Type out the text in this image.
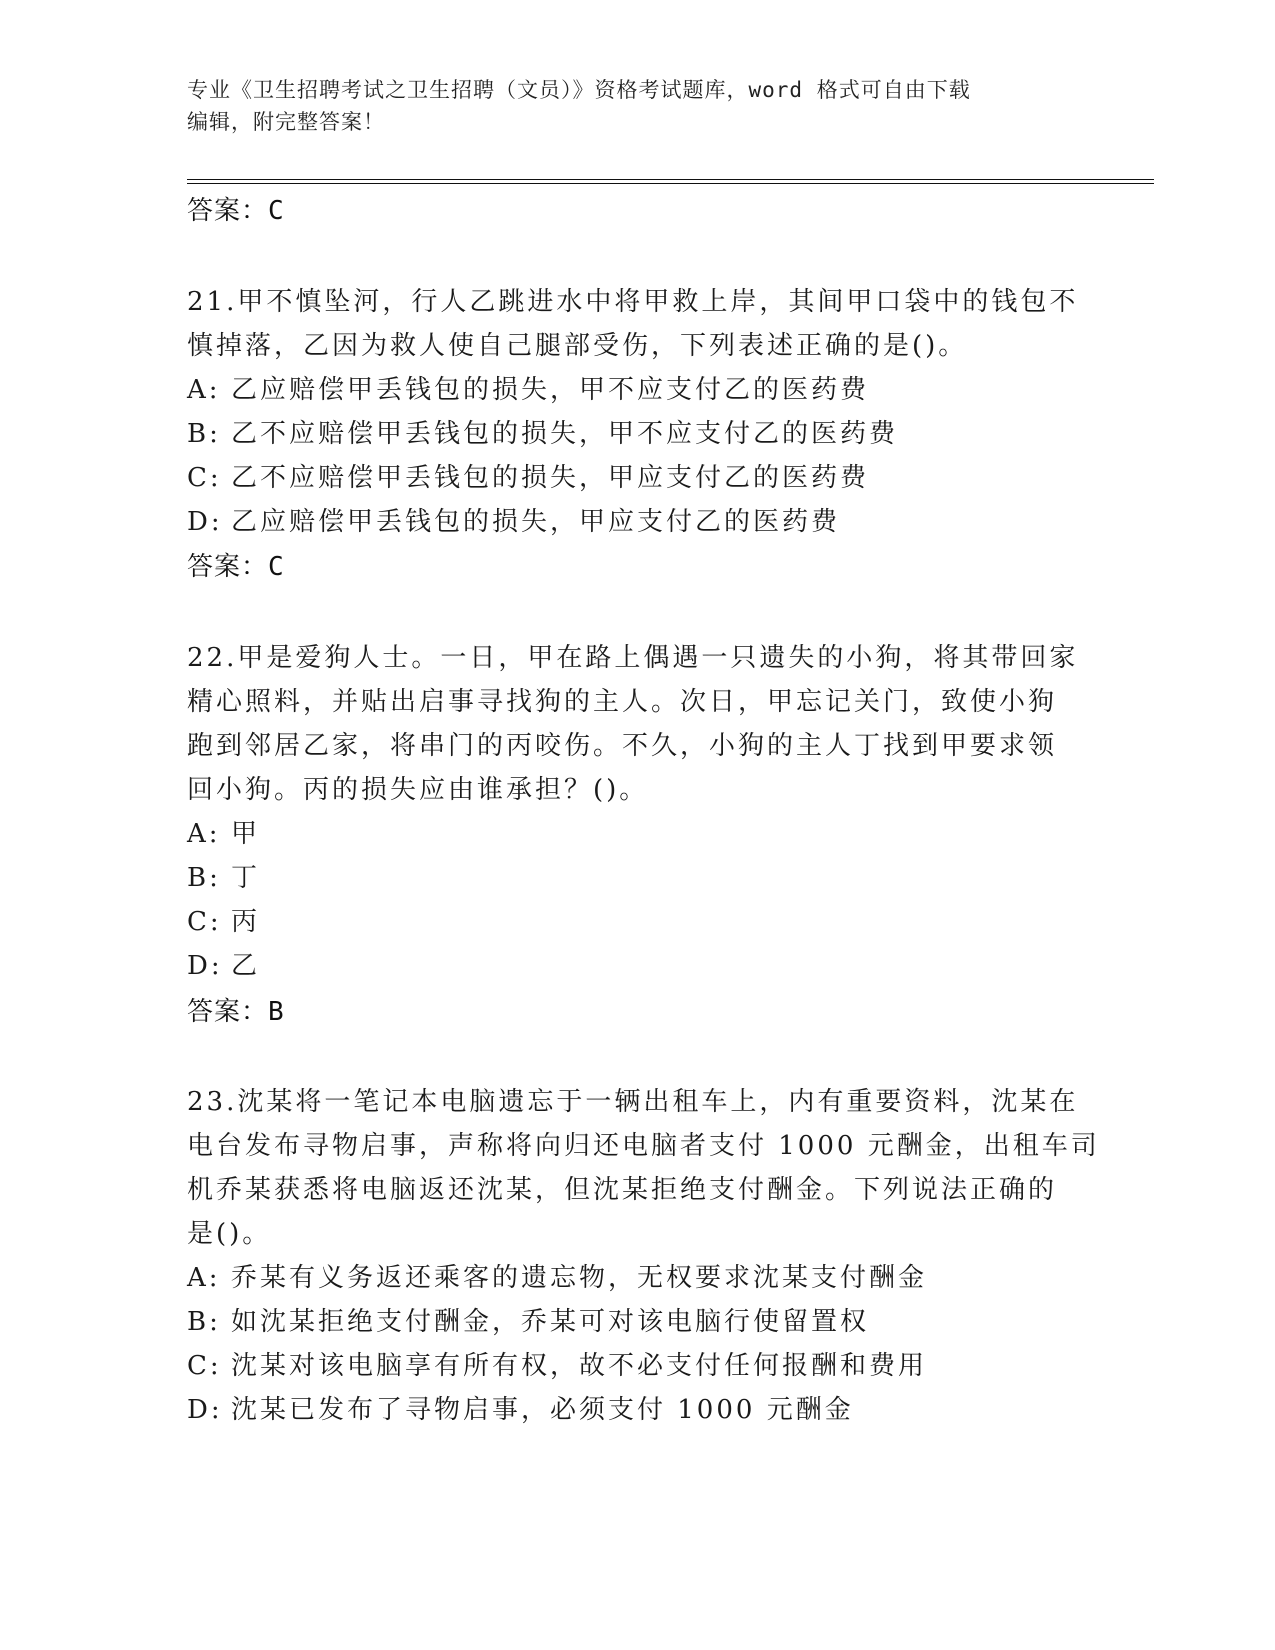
专业《卫生招聘考试之卫生招聘（文员）》资格考试题库，word 格式可自由下载
编辑，附完整答案！
答案：C
21.甲不慎坠河，行人乙跳进水中将甲救上岸，其间甲口袋中的钱包不
慎掉落，乙因为救人使自己腿部受伤，下列表述正确的是()。
A: 乙应赔偿甲丢钱包的损失，甲不应支付乙的医药费
B: 乙不应赔偿甲丢钱包的损失，甲不应支付乙的医药费
C: 乙不应赔偿甲丢钱包的损失，甲应支付乙的医药费
D: 乙应赔偿甲丢钱包的损失，甲应支付乙的医药费
答案：C
22.甲是爱狗人士。一日，甲在路上偶遇一只遗失的小狗，将其带回家
精心照料，并贴出启事寻找狗的主人。次日，甲忘记关门，致使小狗
跑到邻居乙家，将串门的丙咬伤。不久，小狗的主人丁找到甲要求领
回小狗。丙的损失应由谁承担？()。
A: 甲
B: 丁
C: 丙
D: 乙
答案：B
23.沈某将一笔记本电脑遗忘于一辆出租车上，内有重要资料，沈某在
电台发布寻物启事，声称将向归还电脑者支付 1000 元酬金，出租车司
机乔某获悉将电脑返还沈某，但沈某拒绝支付酬金。下列说法正确的
是()。
A: 乔某有义务返还乘客的遗忘物，无权要求沈某支付酬金
B: 如沈某拒绝支付酬金，乔某可对该电脑行使留置权
C: 沈某对该电脑享有所有权，故不必支付任何报酬和费用
D: 沈某已发布了寻物启事，必须支付 1000 元酬金
